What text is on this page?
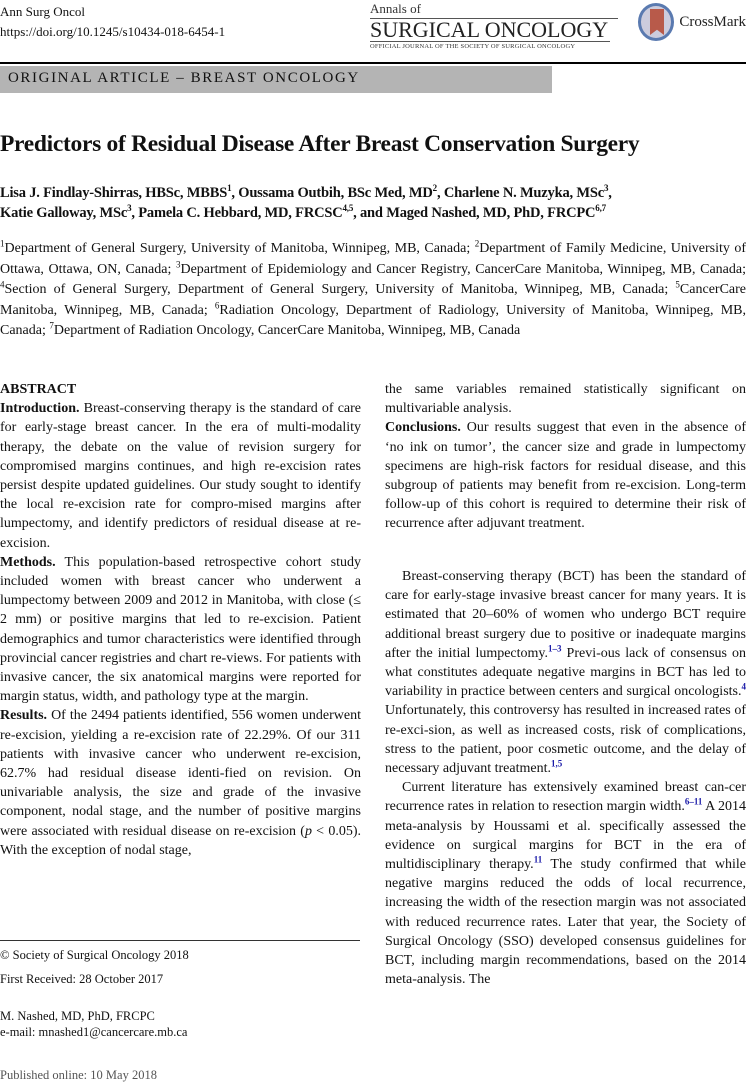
Ann Surg Oncol
https://doi.org/10.1245/s10434-018-6454-1
Annals of
SURGICAL ONCOLOGY
OFFICIAL JOURNAL OF THE SOCIETY OF SURGICAL ONCOLOGY
CrossMark
ORIGINAL ARTICLE – BREAST ONCOLOGY
Predictors of Residual Disease After Breast Conservation Surgery
Lisa J. Findlay-Shirras, HBSc, MBBS$^1$, Oussama Outbih, BSc Med, $MD^2$, Charlene N. Muzyka, MSc$^3$,
Katie Galloway, MSc$^3$, Pamela C. Hebbard, MD, FRCSC$^{4,5}$, and Maged Nashed, MD, PhD, FRCPC$^{6,7}$
$^1$Department of General Surgery, University of Manitoba, Winnipeg, MB, Canada; $^2$Department of Family Medicine, University of Ottawa, Ottawa, ON, Canada; $^3$Department of Epidemiology and Cancer Registry, CancerCare Manitoba, Winnipeg, MB, Canada; $^4$Section of General Surgery, Department of General Surgery, University of Manitoba, Winnipeg, MB, Canada; $^5$CancerCare Manitoba, Winnipeg, MB, Canada; $^6$Radiation Oncology, Department of Radiology, University of Manitoba, Winnipeg, MB, Canada; $^7$Department of Radiation Oncology, CancerCare Manitoba, Winnipeg, MB, Canada
ABSTRACT

Introduction. Breast-conserving therapy is the standard of care for early-stage breast cancer. In the era of multi-modality therapy, the debate on the value of revision surgery for compromised margins continues, and high re-excision rates persist despite updated guidelines. Our study sought to identify the local re-excision rate for compro-mised margins after lumpectomy, and identify predictors of residual disease at re-excision.

Methods. This population-based retrospective cohort study included women with breast cancer who underwent a lumpectomy between 2009 and 2012 in Manitoba, with close (≤ 2 mm) or positive margins that led to re-excision. Patient demographics and tumor characteristics were identified through provincial cancer registries and chart re-views. For patients with invasive cancer, the six anatomical margins were reported for margin status, width, and pathology type at the margin.

Results. Of the 2494 patients identified, 556 women underwent re-excision, yielding a re-excision rate of 22.29%. Of our 311 patients with invasive cancer who underwent re-excision, 62.7% had residual disease identi-fied on revision. On univariable analysis, the size and grade of the invasive component, nodal stage, and the number of positive margins were associated with residual disease on re-excision (p < 0.05). With the exception of nodal stage,

the same variables remained statistically significant on multivariable analysis.

Conclusions. Our results suggest that even in the absence of ‘no ink on tumor’, the cancer size and grade in lumpectomy specimens are high-risk factors for residual disease, and this subgroup of patients may benefit from re-excision. Long-term follow-up of this cohort is required to determine their risk of recurrence after adjuvant treatment.

Breast-conserving therapy (BCT) has been the standard of care for early-stage invasive breast cancer for many years. It is estimated that 20–60% of women who undergo BCT require additional breast surgery due to positive or inadequate margins after the initial lumpectomy.$^{1-3}$ Previ-ous lack of consensus on what constitutes adequate negative margins in BCT has led to variability in practice between centers and surgical oncologists.$^4$ Unfortunately, this controversy has resulted in increased rates of re-exci-sion, as well as increased costs, risk of complications, stress to the patient, poor cosmetic outcome, and the delay of necessary adjuvant treatment.$^{1,5}$

Current literature has extensively examined breast can-cer recurrence rates in relation to resection margin width.$^{6-11}$ A 2014 meta-analysis by Houssami et al. specifically assessed the evidence on surgical margins for BCT in the era of multidisciplinary therapy.$^{11}$ The study confirmed that while negative margins reduced the odds of local recurrence, increasing the width of the resection margin was not associated with reduced recurrence rates. Later that year, the Society of Surgical Oncology (SSO) developed consensus guidelines for BCT, including margin recommendations, based on the 2014 meta-analysis. The

© Society of Surgical Oncology 2018
First Received: 28 October 2017
M. Nashed, MD, PhD, FRCPC
e-mail: mnashed1@cancercare.mb.ca
Published online: 10 May 2018
